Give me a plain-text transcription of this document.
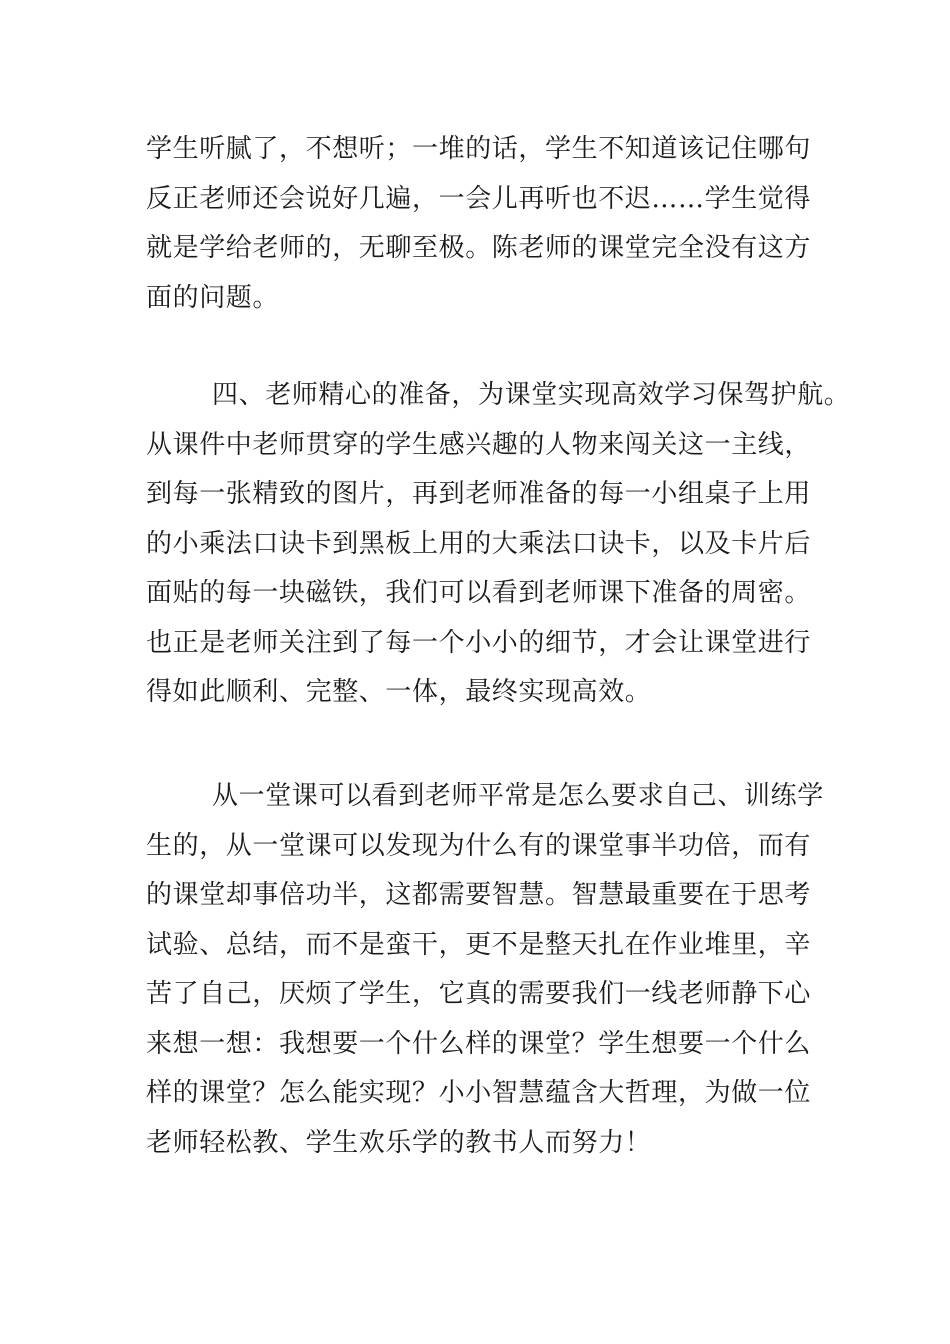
学生听腻了，不想听；一堆的话，学生不知道该记住哪句
反正老师还会说好几遍，一会儿再听也不迟……学生觉得
就是学给老师的，无聊至极。陈老师的课堂完全没有这方
面的问题。
四、老师精心的准备，为课堂实现高效学习保驾护航。
从课件中老师贯穿的学生感兴趣的人物来闯关这一主线，
到每一张精致的图片，再到老师准备的每一小组桌子上用
的小乘法口诀卡到黑板上用的大乘法口诀卡，以及卡片后
面贴的每一块磁铁，我们可以看到老师课下准备的周密。
也正是老师关注到了每一个小小的细节，才会让课堂进行
得如此顺利、完整、一体，最终实现高效。
从一堂课可以看到老师平常是怎么要求自己、训练学
生的，从一堂课可以发现为什么有的课堂事半功倍，而有
的课堂却事倍功半，这都需要智慧。智慧最重要在于思考
试验、总结，而不是蛮干，更不是整天扎在作业堆里，辛
苦了自己，厌烦了学生，它真的需要我们一线老师静下心
来想一想：我想要一个什么样的课堂？学生想要一个什么
样的课堂？怎么能实现？小小智慧蕴含大哲理，为做一位
老师轻松教、学生欢乐学的教书人而努力！
